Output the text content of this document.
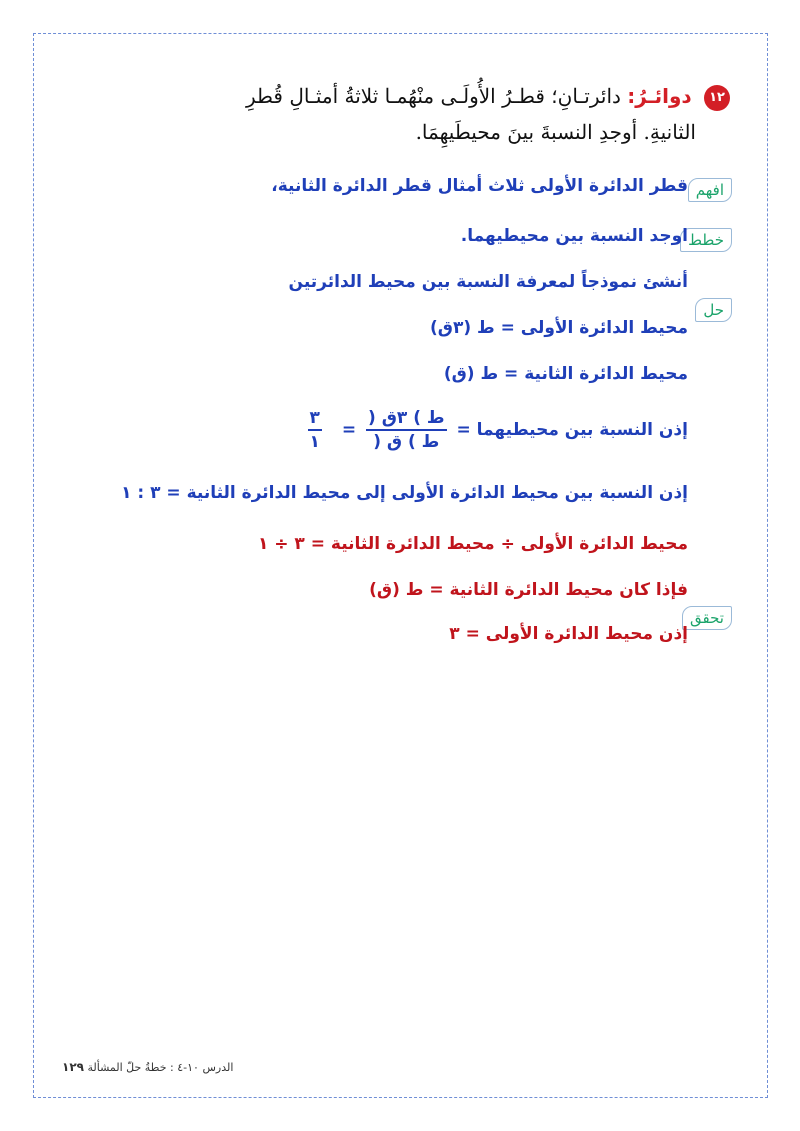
١٢ دوائـرُ: دائرتـانِ؛ قطـرُ الأُولَـى منْهُمـا ثلاثةُ أمثـالِ قُطرِ
الثانيةِ. أوجدِ النسبةَ بينَ محيطَيهِمَا.
افهم
خطط
حل
تحقق
قطر الدائرة الأولى ثلاث أمثال قطر الدائرة الثانية،
اوجد النسبة بين محيطيهما.
أنشئ نموذجاً لمعرفة النسبة بين محيط الدائرتين
محيط الدائرة الأولى = ط (٣ق)
محيط الدائرة الثانية = ط (ق)
إذن النسبة بين محيطيهما =
$\frac{\text{ط ) ٣ق (}}{\text{ط ) ق (}}$
=
$\frac{٣}{١}$
إذن النسبة بين محيط الدائرة الأولى إلى محيط الدائرة الثانية = ٣ : ١
محيط الدائرة الأولى ÷ محيط الدائرة الثانية = ٣ ÷ ١
فإذا كان محيط الدائرة الثانية = ط (ق)
إذن محيط الدائرة الأولى = ٣
الدرس ١٠-٤ : خطةُ حلّ المشألة ١٢٩
